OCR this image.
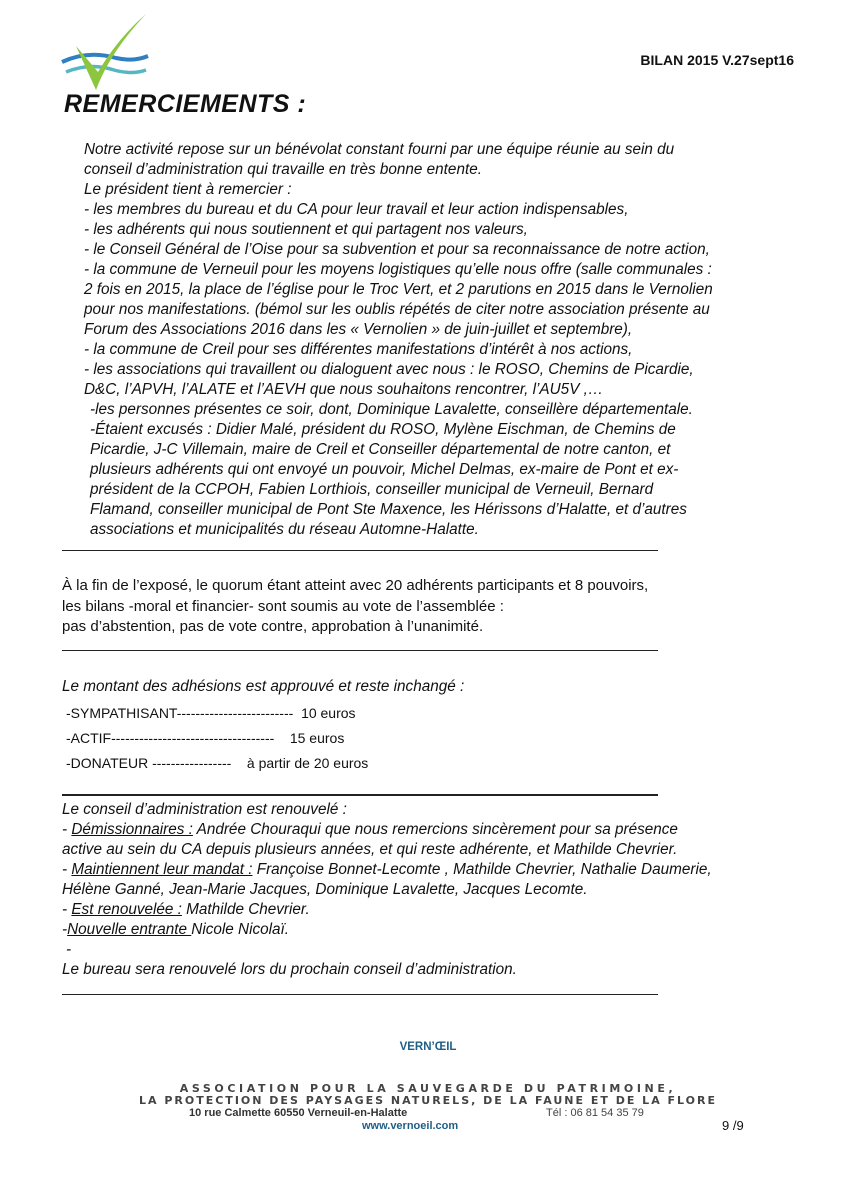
BILAN 2015 V.27sept16
REMERCIEMENTS :

Notre activité repose sur un bénévolat constant fourni par une équipe réunie au sein du

conseil d’administration qui travaille en très bonne entente.

Le président tient à remercier :

- les membres du bureau et du CA pour leur travail et leur action indispensables,

- les adhérents qui nous soutiennent et qui partagent nos valeurs,

- le Conseil Général de l’Oise pour sa subvention et pour sa reconnaissance de notre action,

- la commune de Verneuil pour les moyens logistiques qu’elle nous offre (salle communales :

2 fois en 2015, la place de l’église pour le Troc Vert, et 2 parutions en 2015 dans le Vernolien

pour nos manifestations. (bémol sur les oublis répétés de citer notre association présente au

Forum des Associations 2016 dans les « Vernolien » de juin-juillet et septembre),

- la commune de Creil pour ses différentes manifestations d’intérêt à nos actions,

- les associations qui travaillent ou dialoguent avec nous : le ROSO, Chemins de Picardie,

D&C, l’APVH, l’ALATE et l’AEVH que nous souhaitons rencontrer, l’AU5V ,…

-les personnes présentes ce soir, dont, Dominique Lavalette, conseillère départementale.

-Étaient excusés : Didier Malé, président du ROSO, Mylène Eischman, de Chemins de

Picardie, J-C Villemain, maire de Creil et Conseiller départemental de notre canton, et

plusieurs adhérents qui ont envoyé un pouvoir, Michel Delmas, ex-maire de Pont et ex-

président de la CCPOH, Fabien Lorthiois, conseiller municipal de Verneuil, Bernard

Flamand, conseiller municipal de Pont Ste Maxence, les Hérissons d’Halatte, et d’autres

associations et municipalités du réseau Automne-Halatte.

À la fin de l’exposé, le quorum étant atteint avec 20 adhérents participants et 8 pouvoirs,

les bilans -moral et financier- sont soumis au vote de l’assemblée :

pas d’abstention, pas de vote contre, approbation à l’unanimité.

Le montant des adhésions est approuvé et reste inchangé :

-SYMPATHISANT------------------------- 10 euros
-ACTIF----------------------------------- 15 euros
-DONATEUR ----------------- à partir de 20 euros

Le conseil d’administration est renouvelé :

- Démissionnaires : Andrée Chouraqui que nous remercions sincèrement pour sa présence

active au sein du CA depuis plusieurs années, et qui reste adhérente, et Mathilde Chevrier.

- Maintiennent leur mandat : Françoise Bonnet-Lecomte , Mathilde Chevrier, Nathalie Daumerie,

Hélène Ganné, Jean-Marie Jacques, Dominique Lavalette, Jacques Lecomte.

- Est renouvelée : Mathilde Chevrier.

-Nouvelle entrante Nicole Nicolaï.

-

Le bureau sera renouvelé lors du prochain conseil d’administration.

VERN’ŒIL
ASSOCIATION POUR LA SAUVEGARDE DU PATRIMOINE,
LA PROTECTION DES PAYSAGES NATURELS, DE LA FAUNE ET DE LA FLORE
10 rue Calmette 60550 Verneuil-en-Halatte	Tél : 06 81 54 35 79
www.vernoeil.com	9 /9
